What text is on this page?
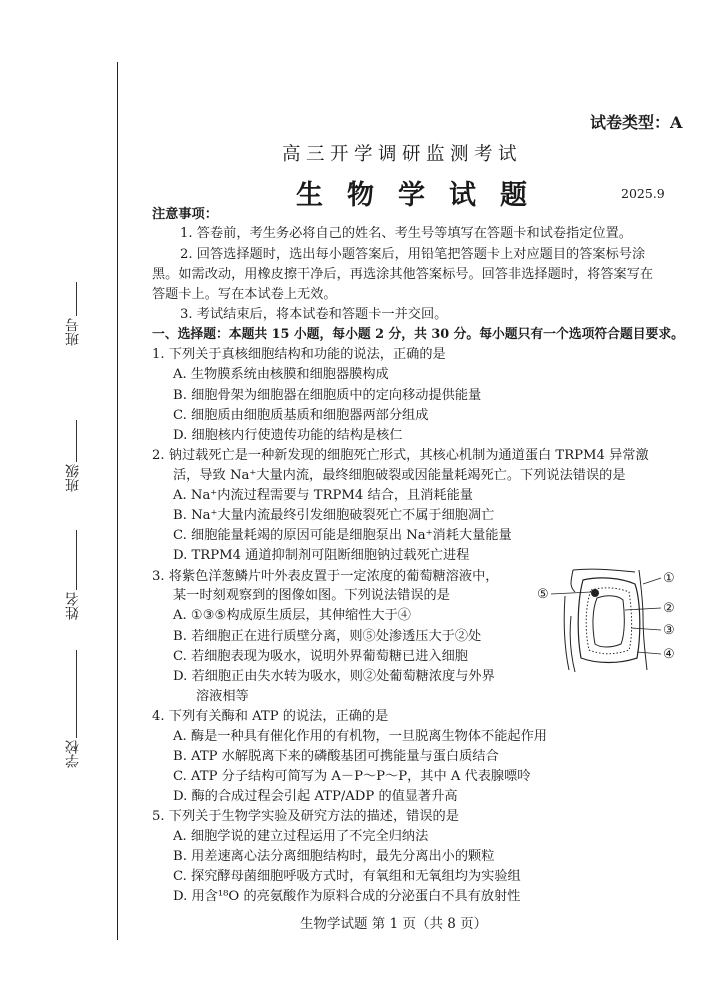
班号
班级
姓名
学校
试卷类型：A
高三开学调研监测考试
生物学试题	2025.9
注意事项：
1. 答卷前，考生务必将自己的姓名、考生号等填写在答题卡和试卷指定位置。
2. 回答选择题时，选出每小题答案后，用铅笔把答题卡上对应题目的答案标号涂
黑。如需改动，用橡皮擦干净后，再选涂其他答案标号。回答非选择题时，将答案写在
答题卡上。写在本试卷上无效。
3. 考试结束后，将本试卷和答题卡一并交回。
一、选择题：本题共 15 小题，每小题 2 分，共 30 分。每小题只有一个选项符合题目要求。
1. 下列关于真核细胞结构和功能的说法，正确的是
A. 生物膜系统由核膜和细胞器膜构成
B. 细胞骨架为细胞器在细胞质中的定向移动提供能量
C. 细胞质由细胞质基质和细胞器两部分组成
D. 细胞核内行使遗传功能的结构是核仁
2. 钠过载死亡是一种新发现的细胞死亡形式，其核心机制为通道蛋白 TRPM4 异常激
活，导致 Na⁺大量内流，最终细胞破裂或因能量耗竭死亡。下列说法错误的是
A. Na⁺内流过程需要与 TRPM4 结合，且消耗能量
B. Na⁺大量内流最终引发细胞破裂死亡不属于细胞凋亡
C. 细胞能量耗竭的原因可能是细胞泵出 Na⁺消耗大量能量
D. TRPM4 通道抑制剂可阻断细胞钠过载死亡进程
3. 将紫色洋葱鳞片叶外表皮置于一定浓度的葡萄糖溶液中，
某一时刻观察到的图像如图。下列说法错误的是
A. ①③⑤构成原生质层，其伸缩性大于④
B. 若细胞正在进行质壁分离，则⑤处渗透压大于②处
C. 若细胞表现为吸水，说明外界葡萄糖已进入细胞
D. 若细胞正由失水转为吸水，则②处葡萄糖浓度与外界
溶液相等
①
②
③
④
⑤
4. 下列有关酶和 ATP 的说法，正确的是
A. 酶是一种具有催化作用的有机物，一旦脱离生物体不能起作用
B. ATP 水解脱离下来的磷酸基团可携能量与蛋白质结合
C. ATP 分子结构可简写为 A－P～P～P，其中 A 代表腺嘌呤
D. 酶的合成过程会引起 ATP/ADP 的值显著升高
5. 下列关于生物学实验及研究方法的描述，错误的是
A. 细胞学说的建立过程运用了不完全归纳法
B. 用差速离心法分离细胞结构时，最先分离出小的颗粒
C. 探究酵母菌细胞呼吸方式时，有氧组和无氧组均为实验组
D. 用含¹⁸O 的亮氨酸作为原料合成的分泌蛋白不具有放射性
生物学试题 第 1 页（共 8 页）
